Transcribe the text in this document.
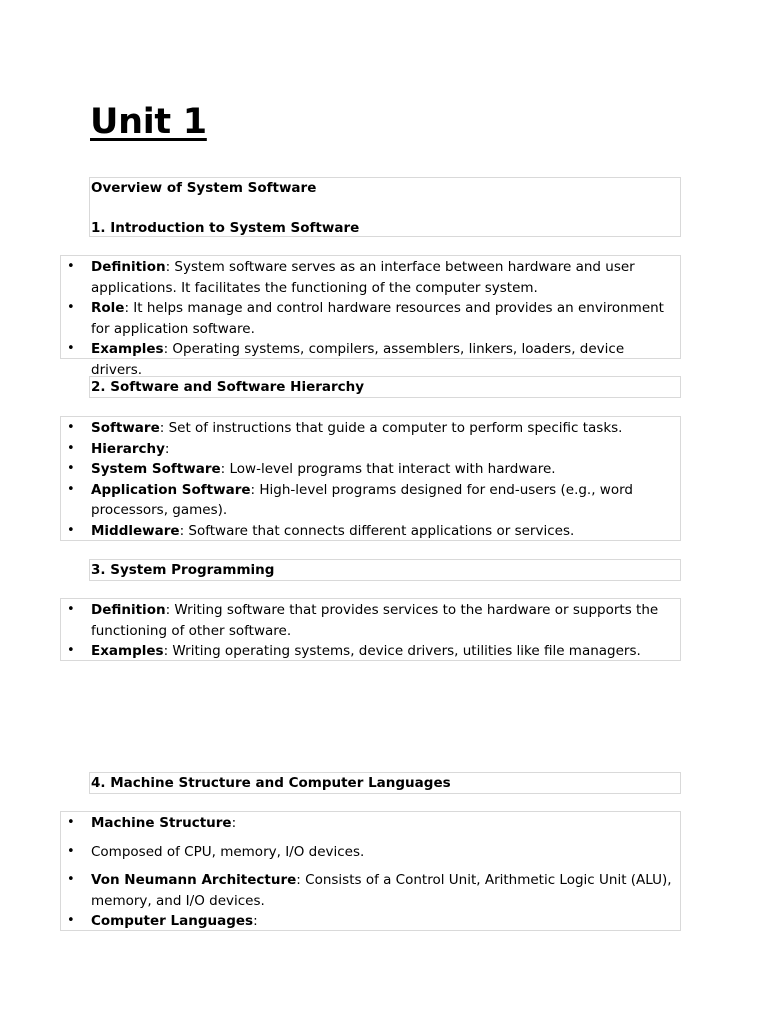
Unit 1
Overview of System Software
1. Introduction to System Software
• Definition: System software serves as an interface between hardware and user applications. It facilitates the functioning of the computer system.
• Role: It helps manage and control hardware resources and provides an environment for application software.
• Examples: Operating systems, compilers, assemblers, linkers, loaders, device drivers.
2. Software and Software Hierarchy
• Software: Set of instructions that guide a computer to perform specific tasks.
• Hierarchy:
• System Software: Low-level programs that interact with hardware.
• Application Software: High-level programs designed for end-users (e.g., word processors, games).
• Middleware: Software that connects different applications or services.
3. System Programming
• Definition: Writing software that provides services to the hardware or supports the functioning of other software.
• Examples: Writing operating systems, device drivers, utilities like file managers.
4. Machine Structure and Computer Languages
• Machine Structure:
• Composed of CPU, memory, I/O devices.
• Von Neumann Architecture: Consists of a Control Unit, Arithmetic Logic Unit (ALU), memory, and I/O devices.
• Computer Languages:
